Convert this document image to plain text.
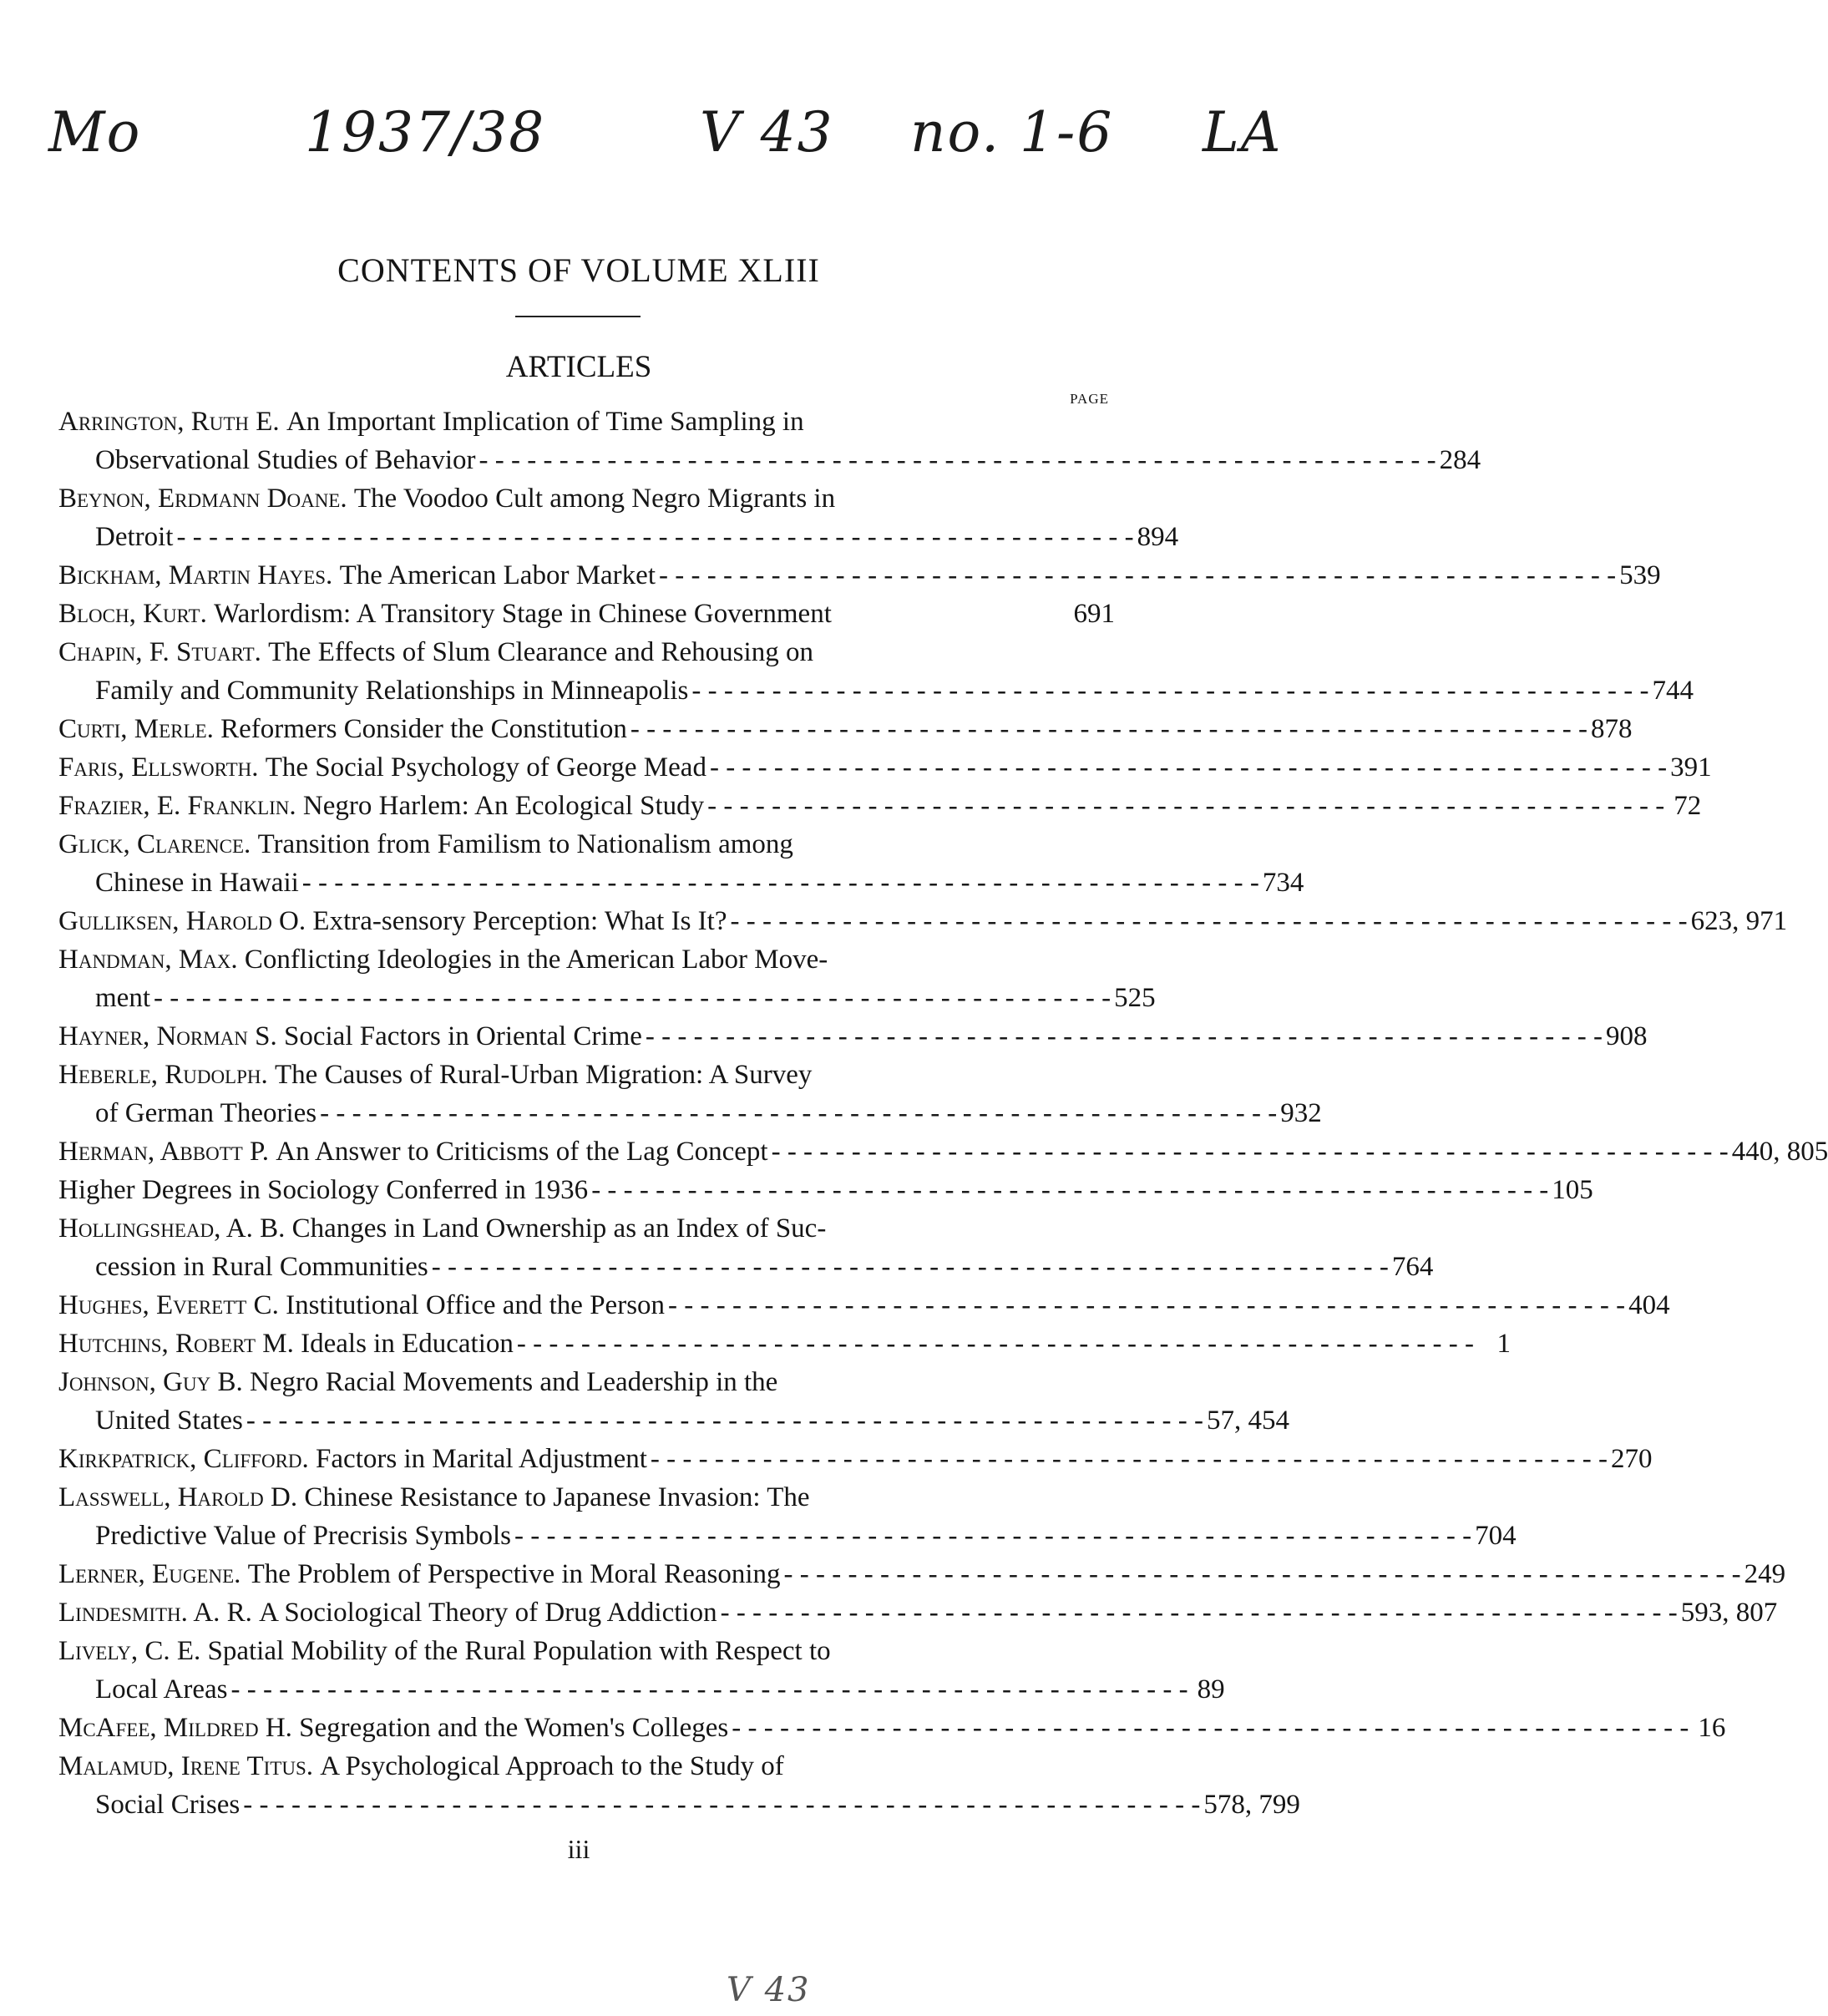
Mo	1937/38	V 43 no. 1-6 LA
CONTENTS OF VOLUME XLIII
ARTICLES
PAGE
Arrington, Ruth E.
An Important Implication of Time Sampling in
Observational Studies of Behavior - - - - - - - - - - - - - - - - - - - - - - - - - - - - - - - - - - - - - - - - - - - - - - - - - - - - - - - - - - - - 284
Beynon, Erdmann Doane.
The Voodoo Cult among Negro Migrants in
Detroit - - - - - - - - - - - - - - - - - - - - - - - - - - - - - - - - - - - - - - - - - - - - - - - - - - - - - - - - - - - - 894
Bickham, Martin Hayes.
The American Labor Market - - - - - - - - - - - - - - - - - - - - - - - - - - - - - - - - - - - - - - - - - - - - - - - - - - - - - - - - - - - - 539
Bloch, Kurt.
Warlordism: A Transitory Stage in Chinese Government	691
Chapin, F. Stuart.
The Effects of Slum Clearance and Rehousing on
Family and Community Relationships in Minneapolis - - - - - - - - - - - - - - - - - - - - - - - - - - - - - - - - - - - - - - - - - - - - - - - - - - - - - - - - - - - - 744
Curti, Merle.
Reformers Consider the Constitution - - - - - - - - - - - - - - - - - - - - - - - - - - - - - - - - - - - - - - - - - - - - - - - - - - - - - - - - - - - - 878
Faris, Ellsworth.
The Social Psychology of George Mead - - - - - - - - - - - - - - - - - - - - - - - - - - - - - - - - - - - - - - - - - - - - - - - - - - - - - - - - - - - - 391
Frazier, E. Franklin.
Negro Harlem: An Ecological Study - - - - - - - - - - - - - - - - - - - - - - - - - - - - - - - - - - - - - - - - - - - - - - - - - - - - - - - - - - - - 72
Glick, Clarence.
Transition from Familism to Nationalism among
Chinese in Hawaii - - - - - - - - - - - - - - - - - - - - - - - - - - - - - - - - - - - - - - - - - - - - - - - - - - - - - - - - - - - - 734
Gulliksen, Harold O.
Extra-sensory Perception: What Is It? - - - - - - - - - - - - - - - - - - - - - - - - - - - - - - - - - - - - - - - - - - - - - - - - - - - - - - - - - - - - 623, 971
Handman, Max.
Conflicting Ideologies in the American Labor Move-
ment - - - - - - - - - - - - - - - - - - - - - - - - - - - - - - - - - - - - - - - - - - - - - - - - - - - - - - - - - - - - 525
Hayner, Norman S.
Social Factors in Oriental Crime - - - - - - - - - - - - - - - - - - - - - - - - - - - - - - - - - - - - - - - - - - - - - - - - - - - - - - - - - - - - 908
Heberle, Rudolph.
The Causes of Rural-Urban Migration: A Survey
of German Theories - - - - - - - - - - - - - - - - - - - - - - - - - - - - - - - - - - - - - - - - - - - - - - - - - - - - - - - - - - - - 932
Herman, Abbott P.
An Answer to Criticisms of the Lag Concept - - - - - - - - - - - - - - - - - - - - - - - - - - - - - - - - - - - - - - - - - - - - - - - - - - - - - - - - - - - - 440, 805
Higher Degrees in Sociology Conferred in 1936 - - - - - - - - - - - - - - - - - - - - - - - - - - - - - - - - - - - - - - - - - - - - - - - - - - - - - - - - - - - - 105
Hollingshead, A. B.
Changes in Land Ownership as an Index of Suc-
cession in Rural Communities - - - - - - - - - - - - - - - - - - - - - - - - - - - - - - - - - - - - - - - - - - - - - - - - - - - - - - - - - - - - 764
Hughes, Everett C.
Institutional Office and the Person - - - - - - - - - - - - - - - - - - - - - - - - - - - - - - - - - - - - - - - - - - - - - - - - - - - - - - - - - - - - 404
Hutchins, Robert M.
Ideals in Education - - - - - - - - - - - - - - - - - - - - - - - - - - - - - - - - - - - - - - - - - - - - - - - - - - - - - - - - - - - - 1
Johnson, Guy B.
Negro Racial Movements and Leadership in the
United States - - - - - - - - - - - - - - - - - - - - - - - - - - - - - - - - - - - - - - - - - - - - - - - - - - - - - - - - - - - - 57, 454
Kirkpatrick, Clifford.
Factors in Marital Adjustment - - - - - - - - - - - - - - - - - - - - - - - - - - - - - - - - - - - - - - - - - - - - - - - - - - - - - - - - - - - - 270
Lasswell, Harold D.
Chinese Resistance to Japanese Invasion: The
Predictive Value of Precrisis Symbols - - - - - - - - - - - - - - - - - - - - - - - - - - - - - - - - - - - - - - - - - - - - - - - - - - - - - - - - - - - - 704
Lerner, Eugene.
The Problem of Perspective in Moral Reasoning - - - - - - - - - - - - - - - - - - - - - - - - - - - - - - - - - - - - - - - - - - - - - - - - - - - - - - - - - - - - 249
Lindesmith. A. R.
A Sociological Theory of Drug Addiction - - - - - - - - - - - - - - - - - - - - - - - - - - - - - - - - - - - - - - - - - - - - - - - - - - - - - - - - - - - - 593, 807
Lively, C. E.
Spatial Mobility of the Rural Population with Respect to
Local Areas - - - - - - - - - - - - - - - - - - - - - - - - - - - - - - - - - - - - - - - - - - - - - - - - - - - - - - - - - - - - 89
McAfee, Mildred H.
Segregation and the Women's Colleges - - - - - - - - - - - - - - - - - - - - - - - - - - - - - - - - - - - - - - - - - - - - - - - - - - - - - - - - - - - - 16
Malamud, Irene Titus.
A Psychological Approach to the Study of
Social Crises - - - - - - - - - - - - - - - - - - - - - - - - - - - - - - - - - - - - - - - - - - - - - - - - - - - - - - - - - - - - 578, 799
iii
V 43
